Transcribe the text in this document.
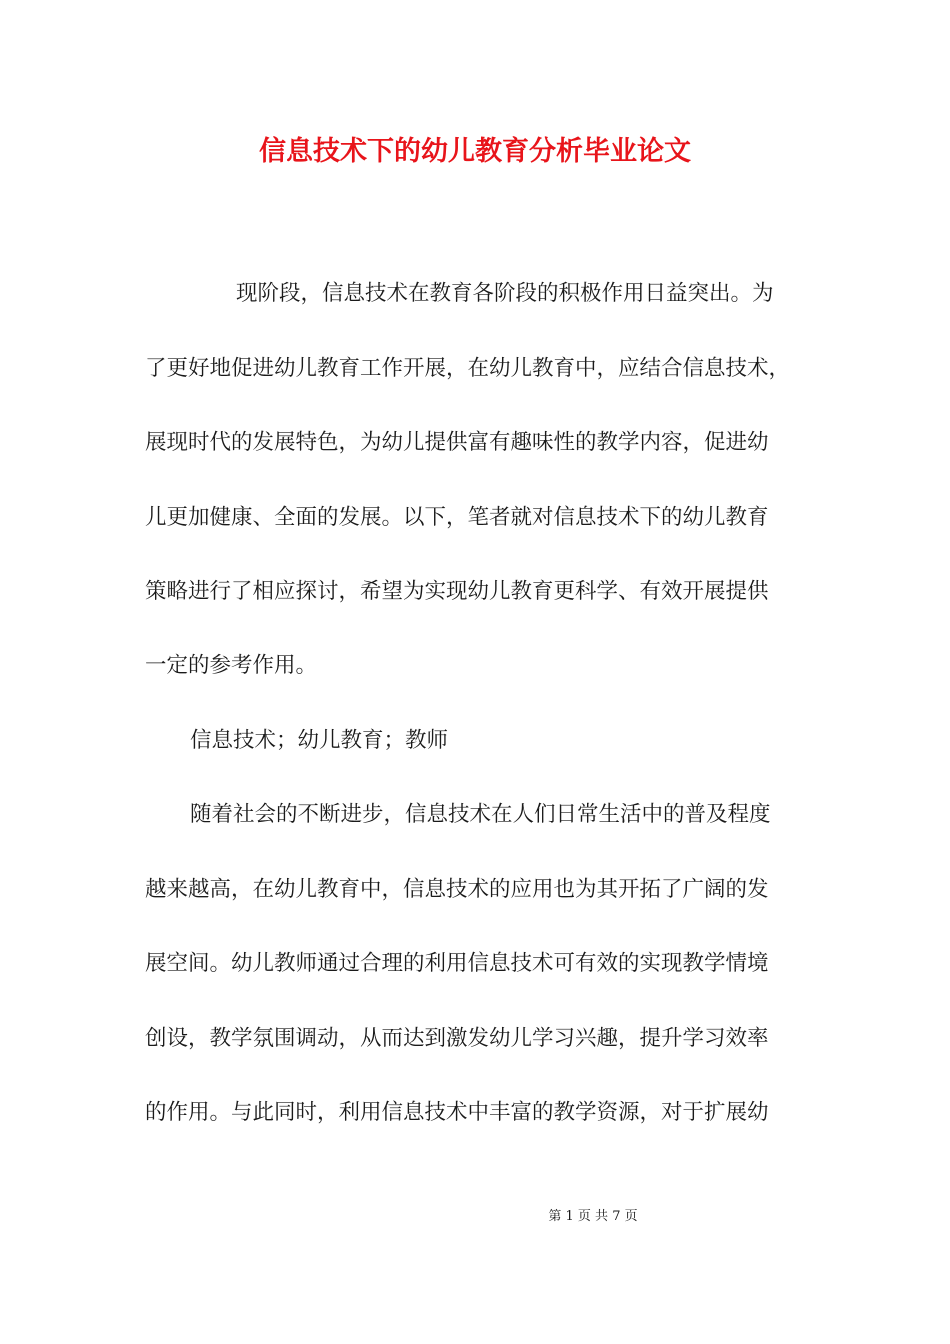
信息技术下的幼儿教育分析毕业论文

现阶段，信息技术在教育各阶段的积极作用日益突出。为

了更好地促进幼儿教育工作开展，在幼儿教育中，应结合信息技术，

展现时代的发展特色，为幼儿提供富有趣味性的教学内容，促进幼

儿更加健康、全面的发展。以下，笔者就对信息技术下的幼儿教育

策略进行了相应探讨，希望为实现幼儿教育更科学、有效开展提供

一定的参考作用。

信息技术；幼儿教育；教师

随着社会的不断进步，信息技术在人们日常生活中的普及程度

越来越高，在幼儿教育中，信息技术的应用也为其开拓了广阔的发

展空间。幼儿教师通过合理的利用信息技术可有效的实现教学情境

创设，教学氛围调动，从而达到激发幼儿学习兴趣，提升学习效率

的作用。与此同时，利用信息技术中丰富的教学资源，对于扩展幼

第 1 页 共 7 页
